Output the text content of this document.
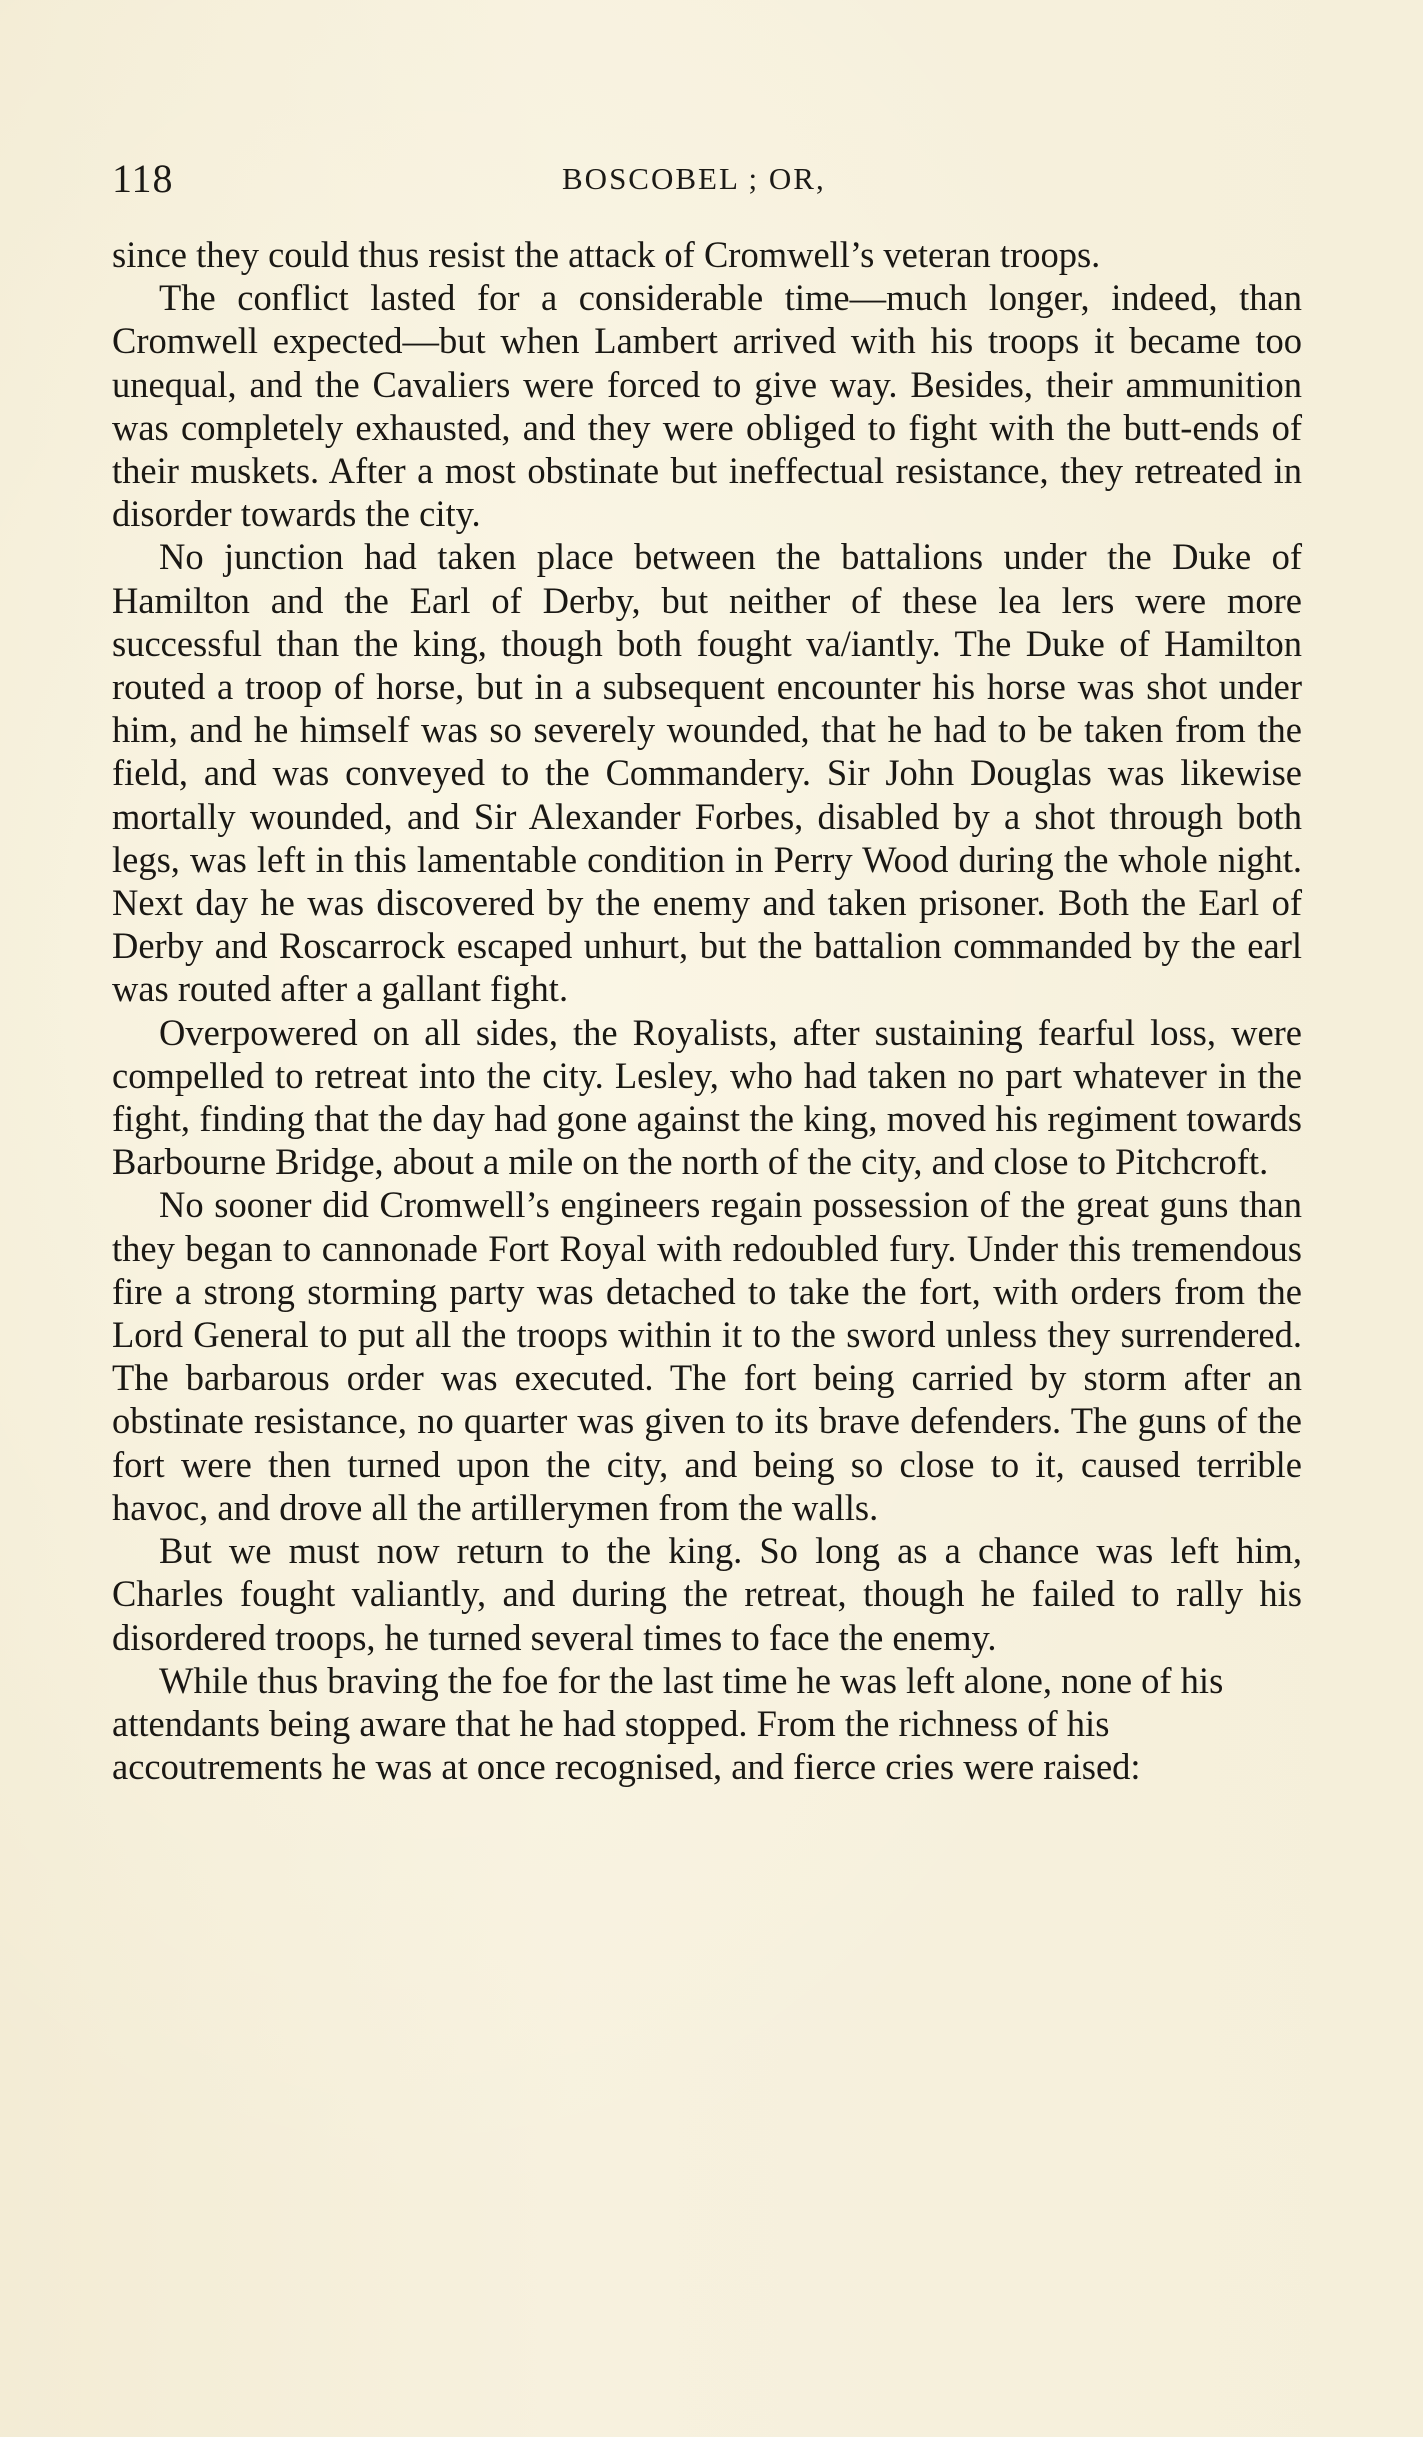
118	BOSCOBEL ; OR,

since they could thus resist the attack of Cromwell’s veteran troops.

The conflict lasted for a considerable time—much longer, indeed, than Cromwell expected—but when Lambert arrived with his troops it became too unequal, and the Cavaliers were forced to give way. Besides, their ammunition was completely exhausted, and they were obliged to fight with the butt-ends of their muskets. After a most obstinate but ineffectual resistance, they retreated in disorder towards the city.

No junction had taken place between the battalions under the Duke of Hamilton and the Earl of Derby, but neither of these lea lers were more successful than the king, though both fought va/iantly. The Duke of Hamilton routed a troop of horse, but in a subsequent encounter his horse was shot under him, and he himself was so severely wounded, that he had to be taken from the field, and was conveyed to the Commandery. Sir John Douglas was likewise mortally wounded, and Sir Alexander Forbes, disabled by a shot through both legs, was left in this lamentable condition in Perry Wood during the whole night. Next day he was discovered by the enemy and taken prisoner. Both the Earl of Derby and Roscarrock escaped unhurt, but the battalion commanded by the earl was routed after a gallant fight.

Overpowered on all sides, the Royalists, after sustaining fearful loss, were compelled to retreat into the city. Lesley, who had taken no part whatever in the fight, finding that the day had gone against the king, moved his regiment towards Barbourne Bridge, about a mile on the north of the city, and close to Pitchcroft.

No sooner did Cromwell’s engineers regain possession of the great guns than they began to cannonade Fort Royal with redoubled fury. Under this tremendous fire a strong storming party was detached to take the fort, with orders from the Lord General to put all the troops within it to the sword unless they surrendered. The barbarous order was executed. The fort being carried by storm after an obstinate resistance, no quarter was given to its brave defenders. The guns of the fort were then turned upon the city, and being so close to it, caused terrible havoc, and drove all the artillerymen from the walls.

But we must now return to the king. So long as a chance was left him, Charles fought valiantly, and during the retreat, though he failed to rally his disordered troops, he turned several times to face the enemy.

While thus braving the foe for the last time he was left alone, none of his attendants being aware that he had stopped. From the richness of his accoutrements he was at once recognised, and fierce cries were raised:
